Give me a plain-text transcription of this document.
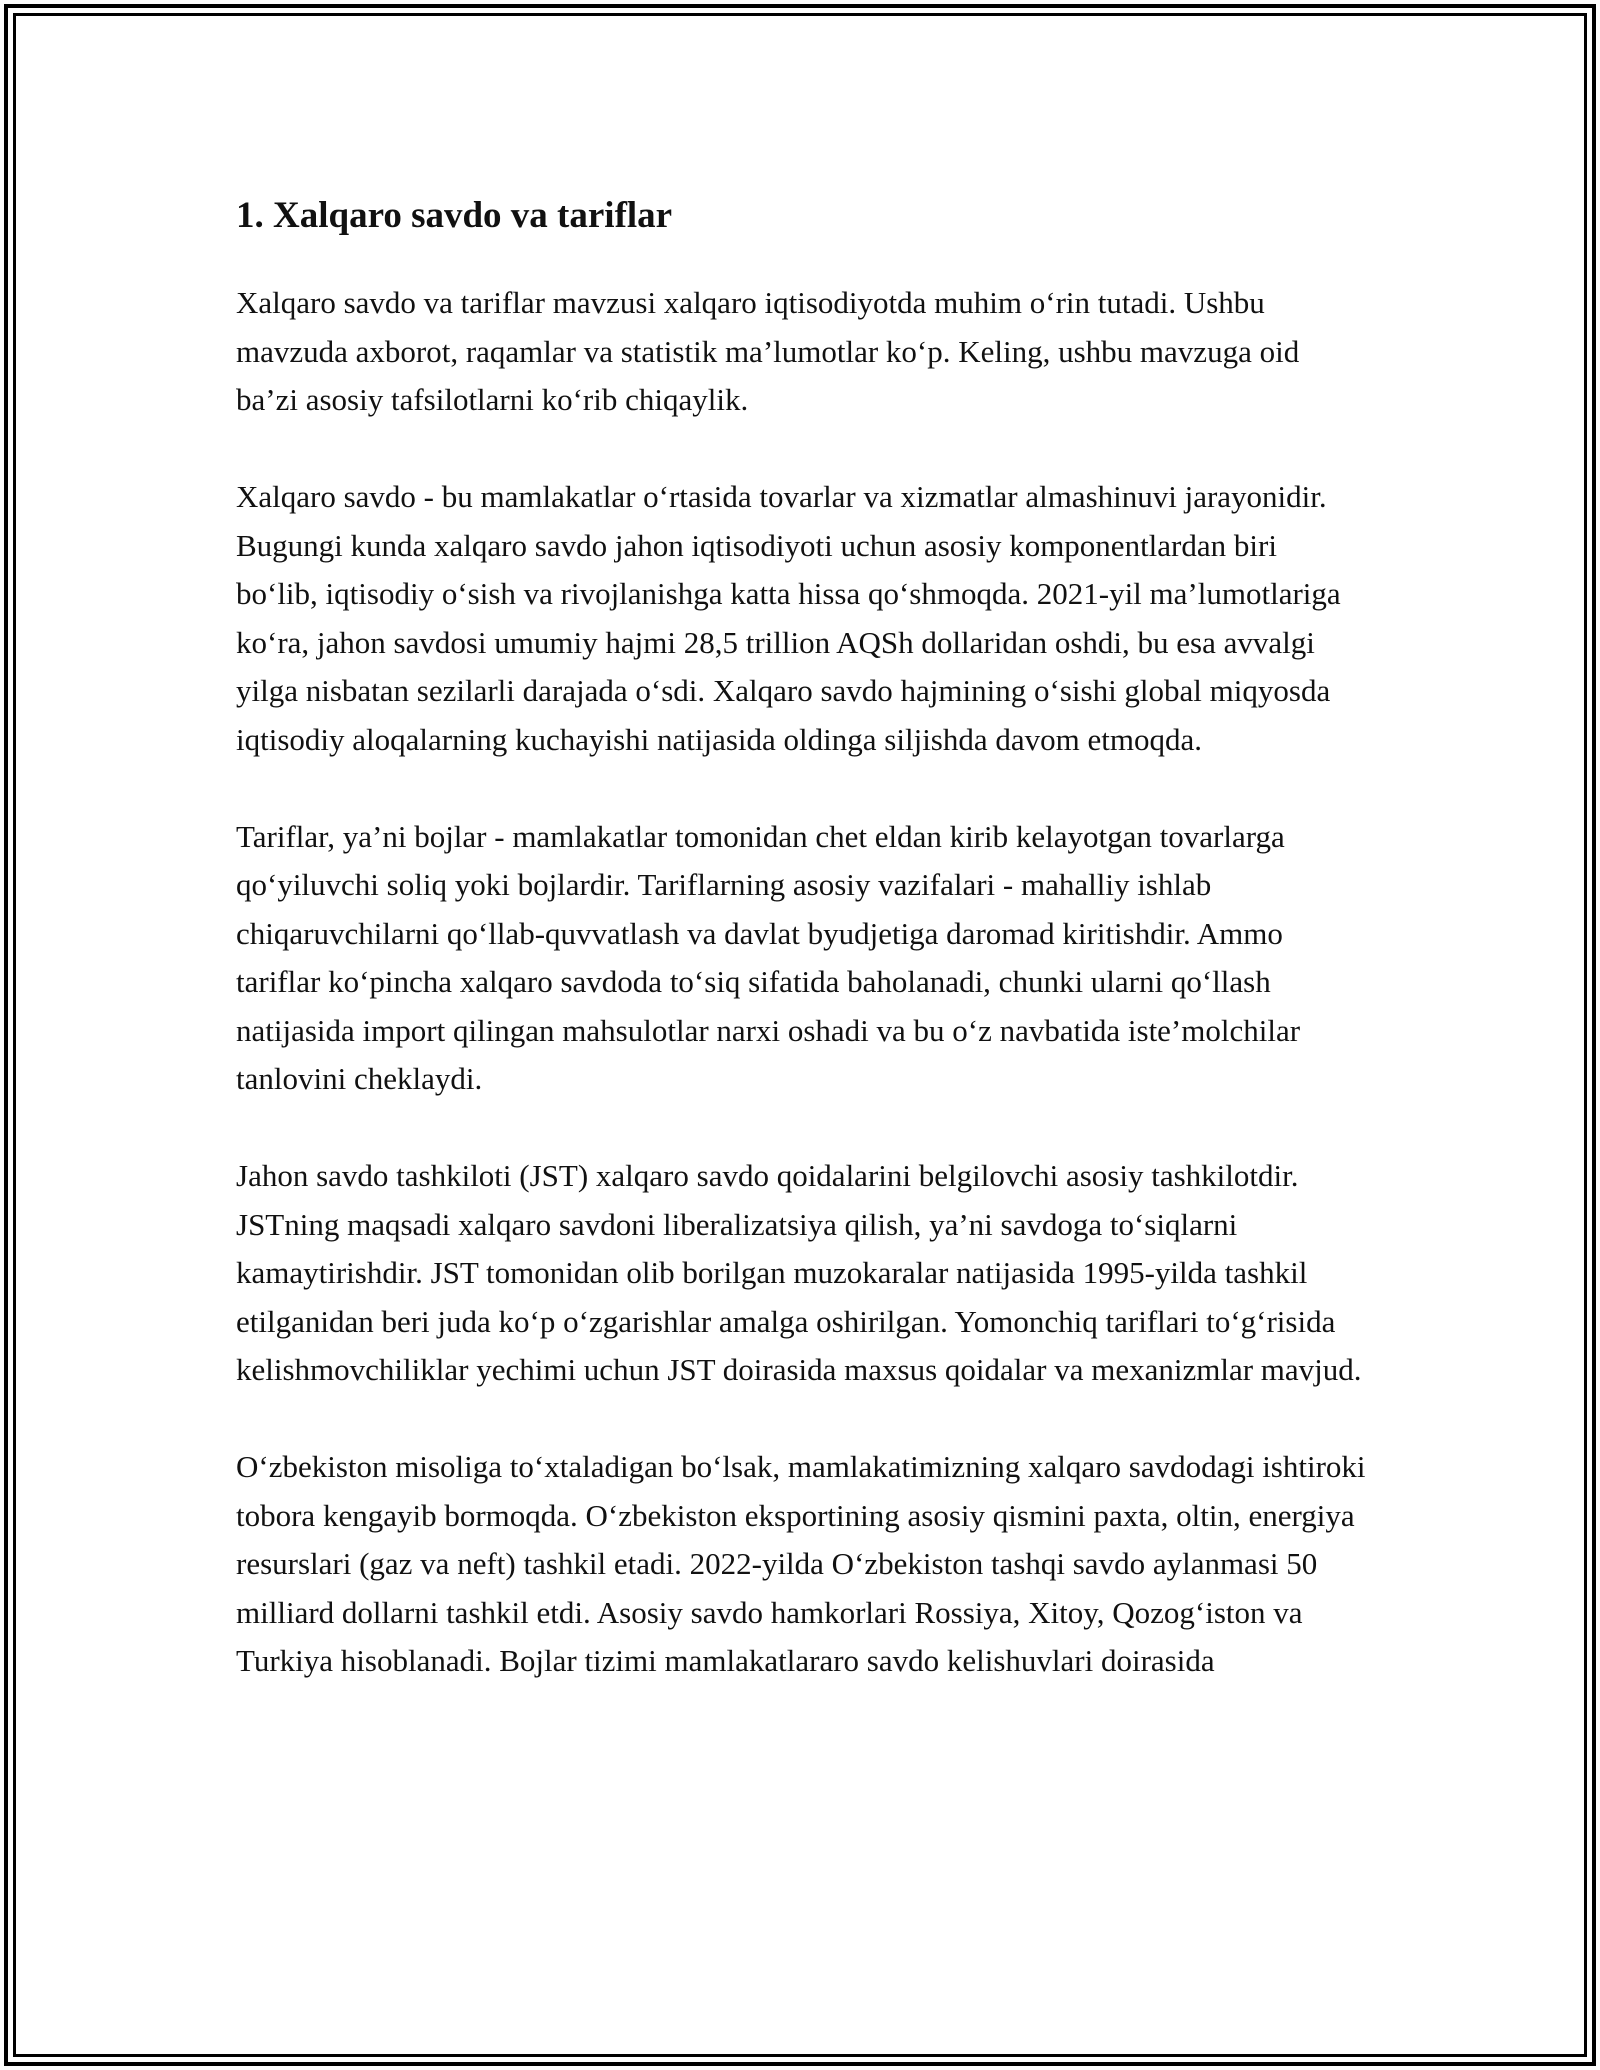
1. Xalqaro savdo va tariflar

Xalqaro savdo va tariflar mavzusi xalqaro iqtisodiyotda muhim o‘rin tutadi. Ushbu mavzuda axborot, raqamlar va statistik ma’lumotlar ko‘p. Keling, ushbu mavzuga oid ba’zi asosiy tafsilotlarni ko‘rib chiqaylik.

Xalqaro savdo - bu mamlakatlar o‘rtasida tovarlar va xizmatlar almashinuvi jarayonidir. Bugungi kunda xalqaro savdo jahon iqtisodiyoti uchun asosiy komponentlardan biri bo‘lib, iqtisodiy o‘sish va rivojlanishga katta hissa qo‘shmoqda. 2021-yil ma’lumotlariga ko‘ra, jahon savdosi umumiy hajmi 28,5 trillion AQSh dollaridan oshdi, bu esa avvalgi yilga nisbatan sezilarli darajada o‘sdi. Xalqaro savdo hajmining o‘sishi global miqyosda iqtisodiy aloqalarning kuchayishi natijasida oldinga siljishda davom etmoqda.

Tariflar, ya’ni bojlar - mamlakatlar tomonidan chet eldan kirib kelayotgan tovarlarga qo‘yiluvchi soliq yoki bojlardir. Tariflarning asosiy vazifalari - mahalliy ishlab chiqaruvchilarni qo‘llab-quvvatlash va davlat byudjetiga daromad kiritishdir. Ammo tariflar ko‘pincha xalqaro savdoda to‘siq sifatida baholanadi, chunki ularni qo‘llash natijasida import qilingan mahsulotlar narxi oshadi va bu o‘z navbatida iste’molchilar tanlovini cheklaydi.

Jahon savdo tashkiloti (JST) xalqaro savdo qoidalarini belgilovchi asosiy tashkilotdir. JSTning maqsadi xalqaro savdoni liberalizatsiya qilish, ya’ni savdoga to‘siqlarni kamaytirishdir. JST tomonidan olib borilgan muzokaralar natijasida 1995-yilda tashkil etilganidan beri juda ko‘p o‘zgarishlar amalga oshirilgan. Yomonchiq tariflari to‘g‘risida kelishmovchiliklar yechimi uchun JST doirasida maxsus qoidalar va mexanizmlar mavjud.

O‘zbekiston misoliga to‘xtaladigan bo‘lsak, mamlakatimizning xalqaro savdodagi ishtiroki tobora kengayib bormoqda. O‘zbekiston eksportining asosiy qismini paxta, oltin, energiya resurslari (gaz va neft) tashkil etadi. 2022-yilda O‘zbekiston tashqi savdo aylanmasi 50 milliard dollarni tashkil etdi. Asosiy savdo hamkorlari Rossiya, Xitoy, Qozog‘iston va Turkiya hisoblanadi. Bojlar tizimi mamlakatlararo savdo kelishuvlari doirasida
